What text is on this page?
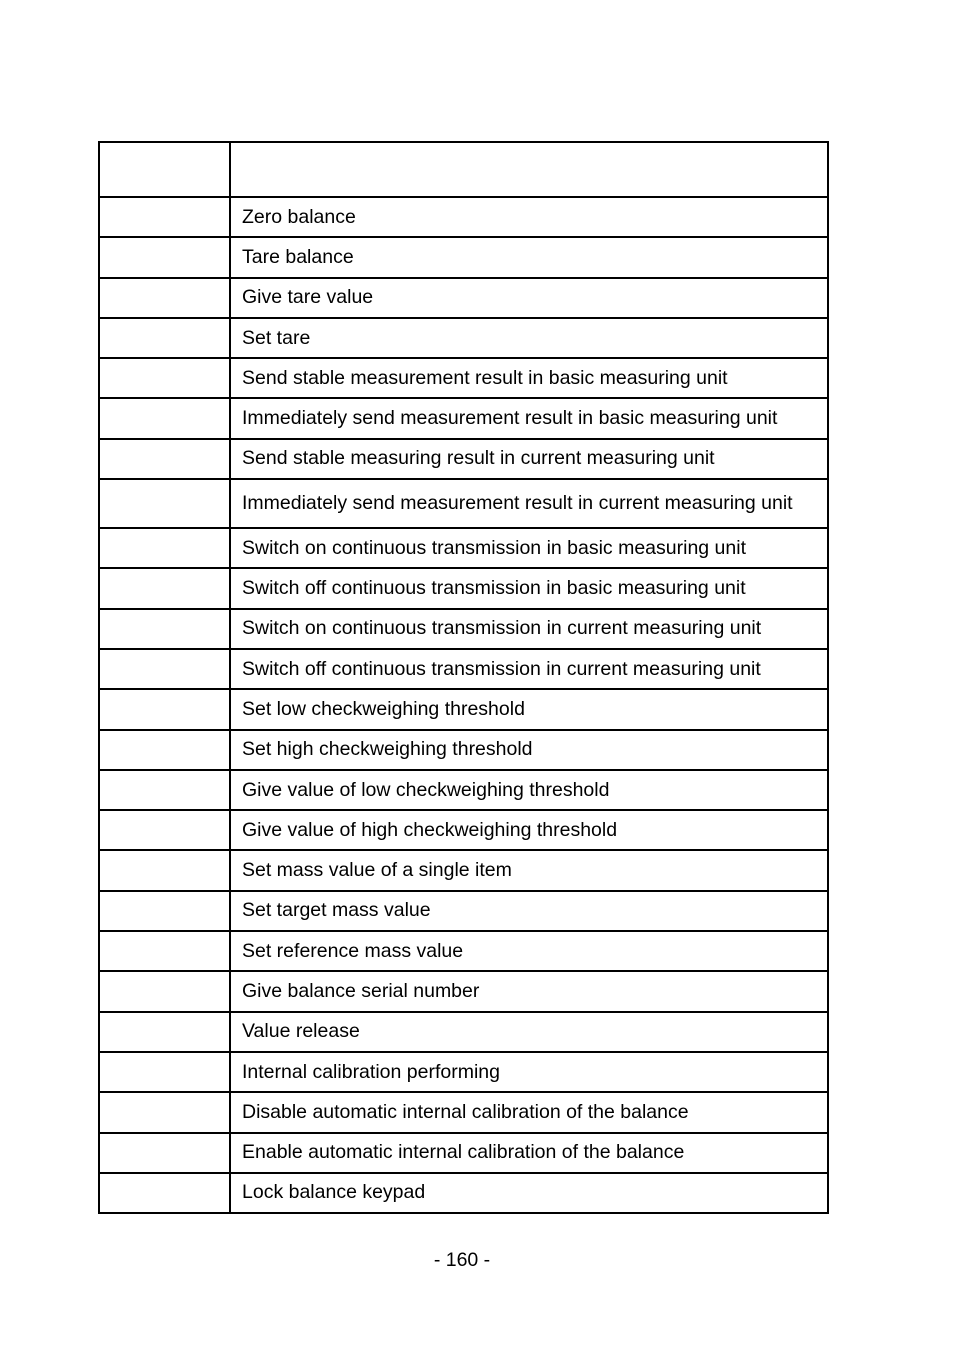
	Zero balance
	Tare balance
	Give tare value
	Set tare
	Send stable measurement result in basic measuring unit
	Immediately send measurement result in basic measuring unit
	Send stable measuring result in current measuring unit
	Immediately send measurement result in current measuring unit
	Switch on continuous transmission in basic measuring unit
	Switch off continuous transmission in basic measuring unit
	Switch on continuous transmission in current measuring unit
	Switch off continuous transmission in current measuring unit
	Set low checkweighing threshold
	Set high checkweighing threshold
	Give value of low checkweighing threshold
	Give value of high checkweighing threshold
	Set mass value of a single item
	Set target mass value
	Set reference mass value
	Give balance serial number
	Value release
	Internal calibration performing
	Disable automatic internal calibration of the balance
	Enable automatic internal calibration of the balance
	Lock balance keypad
- 160 -
